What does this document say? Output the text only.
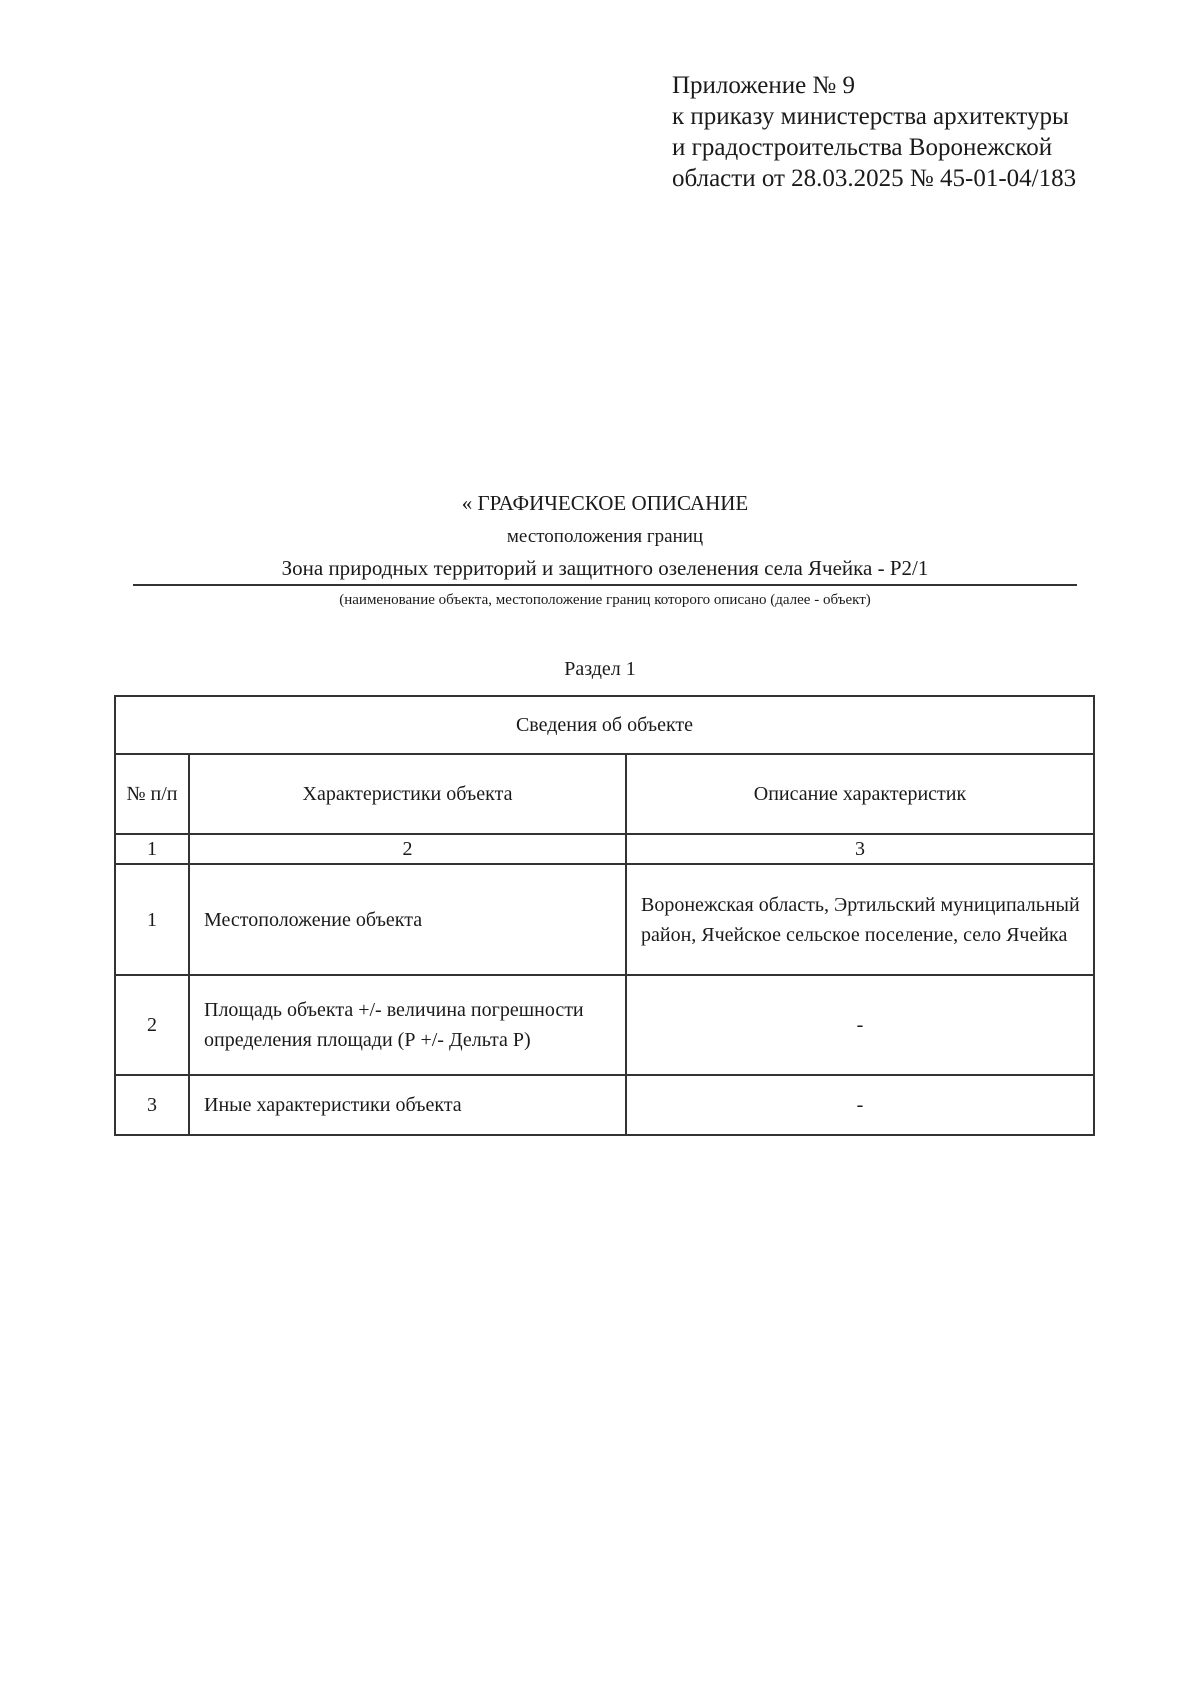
Приложение № 9
к приказу министерства архитектуры
и градостроительства Воронежской
области от 28.03.2025 № 45-01-04/183
« ГРАФИЧЕСКОЕ ОПИСАНИЕ
местоположения границ
Зона природных территорий и защитного озеленения села Ячейка - Р2/1
(наименование объекта, местоположение границ которого описано (далее - объект)
Раздел 1
Сведения об объекте		
№ п/п	Характеристики объекта	Описание характеристик
1	2	3
1	Местоположение объекта	Воронежская область, Эртильский муниципальный район, Ячейское сельское поселение, село Ячейка
2	Площадь объекта +/- величина погрешности определения площади (Р +/- Дельта Р)	-
3	Иные характеристики объекта	-
